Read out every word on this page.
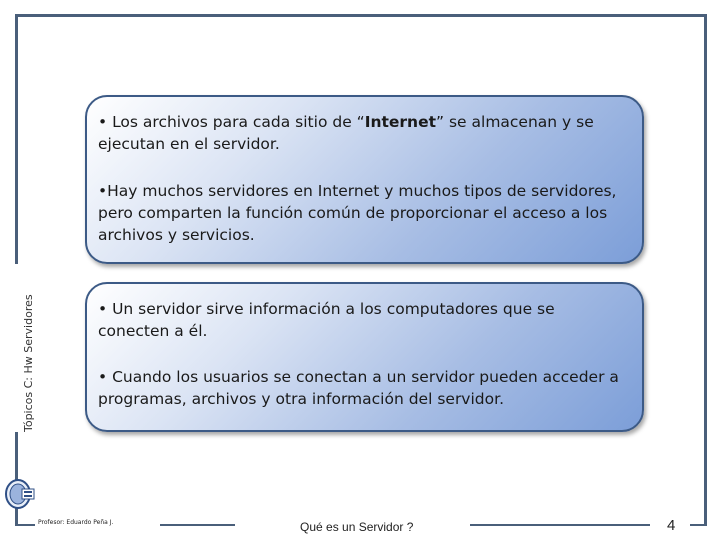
Tópicos C: Hw Servidores

• Los archivos para cada sitio de “Internet” se almacenan y se ejecutan en el servidor.

•Hay muchos servidores en Internet y muchos tipos de servidores, pero comparten la función común de proporcionar el acceso a los archivos y servicios.

• Un servidor sirve información a los computadores que se conecten a él.

• Cuando los usuarios se conectan a un servidor pueden acceder a programas, archivos y otra información del servidor.

Profesor: Eduardo Peña J.	Qué es un Servidor ?	4
